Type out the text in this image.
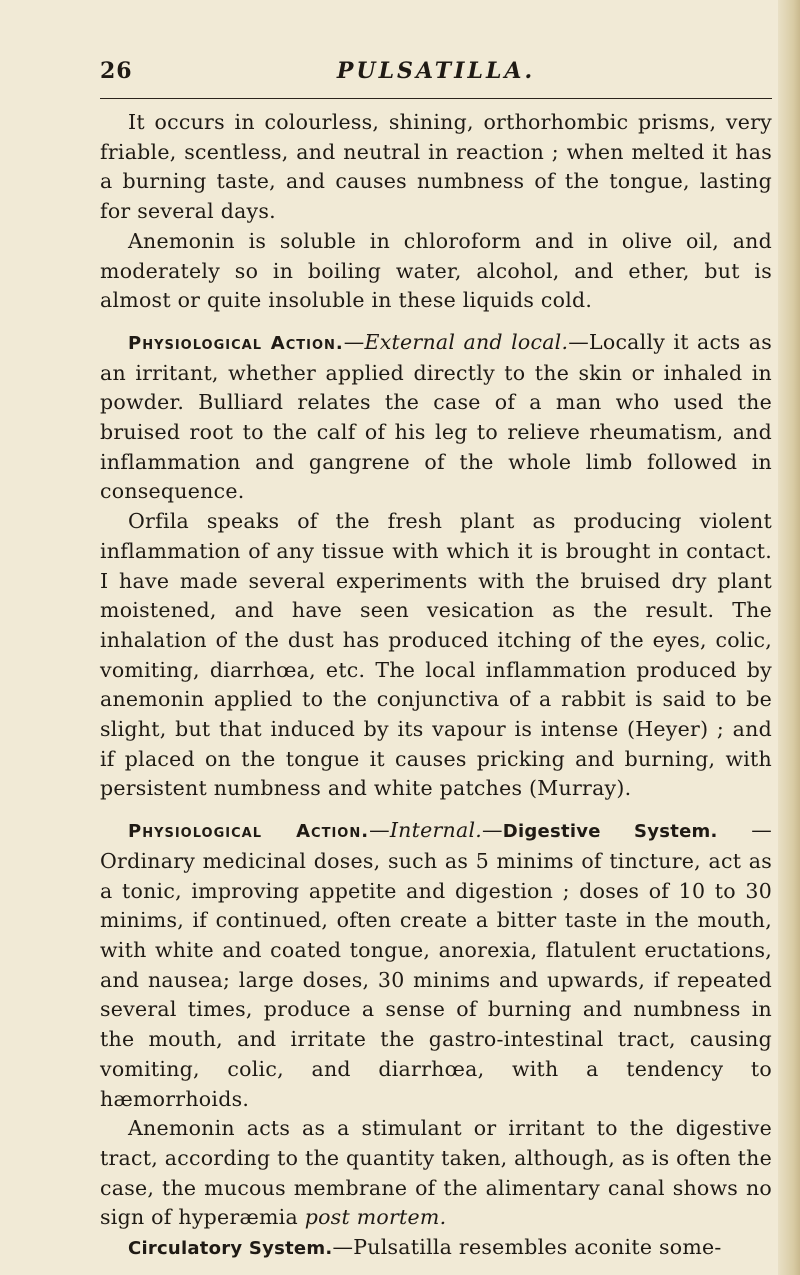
26	PULSATILLA.

It occurs in colourless, shining, orthorhombic prisms, very friable, scentless, and neutral in reaction ; when melted it has a burning taste, and causes numbness of the tongue, lasting for several days.

Anemonin is soluble in chloroform and in olive oil, and moderately so in boiling water, alcohol, and ether, but is almost or quite insoluble in these liquids cold.

Physiological Action.—External and local.—Locally it acts as an irritant, whether applied directly to the skin or inhaled in powder. Bulliard relates the case of a man who used the bruised root to the calf of his leg to relieve rheumatism, and inflammation and gangrene of the whole limb followed in consequence.

Orfila speaks of the fresh plant as producing violent inflammation of any tissue with which it is brought in contact. I have made several experiments with the bruised dry plant moistened, and have seen vesication as the result. The inhalation of the dust has produced itching of the eyes, colic, vomiting, diarrhœa, etc. The local inflammation produced by anemonin applied to the conjunctiva of a rabbit is said to be slight, but that induced by its vapour is intense (Heyer) ; and if placed on the tongue it causes pricking and burning, with persistent numbness and white patches (Murray).

Physiological Action.—Internal.—Digestive System. —Ordinary medicinal doses, such as 5 minims of tincture, act as a tonic, improving appetite and digestion ; doses of 10 to 30 minims, if continued, often create a bitter taste in the mouth, with white and coated tongue, anorexia, flatulent eructations, and nausea; large doses, 30 minims and upwards, if repeated several times, produce a sense of burning and numbness in the mouth, and irritate the gastro-intestinal tract, causing vomiting, colic, and diarrhœa, with a tendency to hæmorrhoids.

Anemonin acts as a stimulant or irritant to the digestive tract, according to the quantity taken, although, as is often the case, the mucous membrane of the alimentary canal shows no sign of hyperæmia post mortem.

Circulatory System.—Pulsatilla resembles aconite some-
